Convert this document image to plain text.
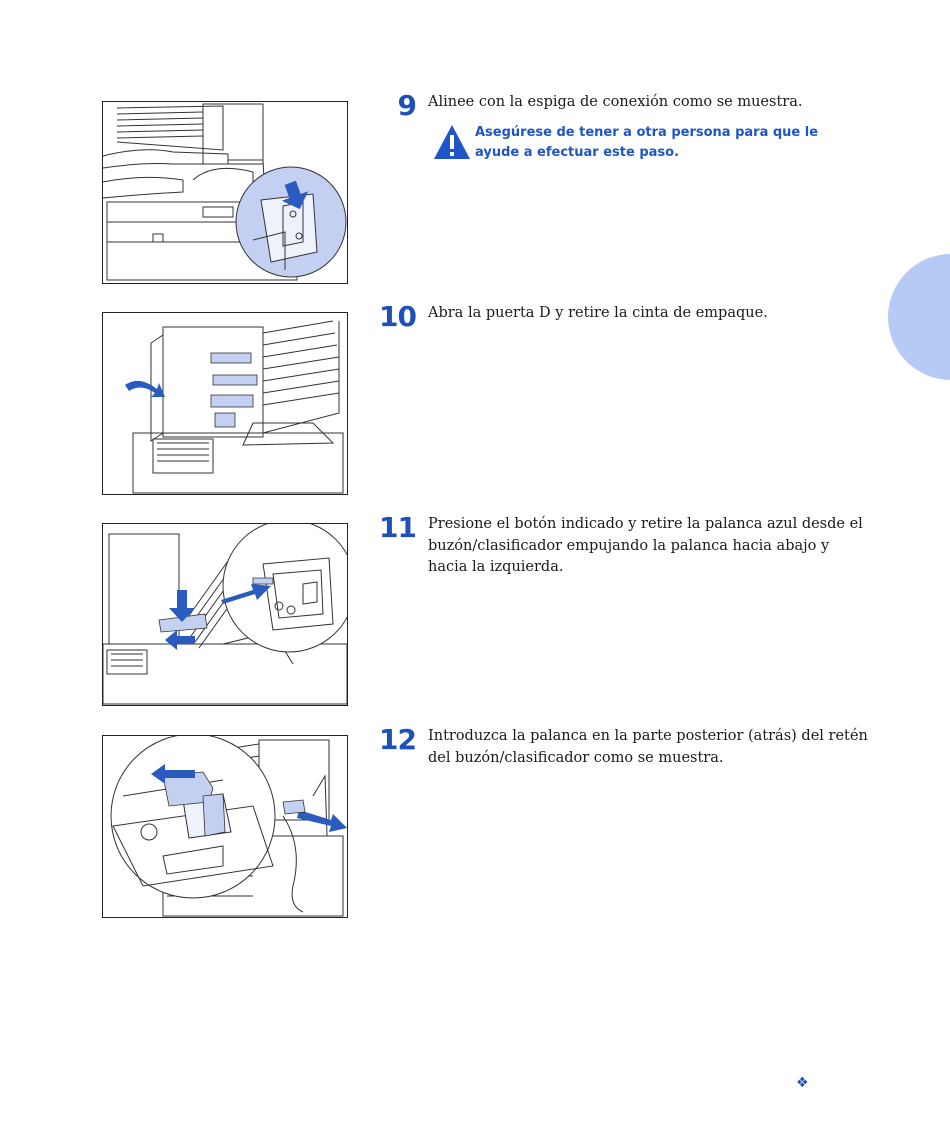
9 Alinee con la espiga de conexión como se muestra.
Asegúrese de tener a otra persona para que le ayude a efectuar este paso.
10 Abra la puerta D y retire la cinta de empaque.
11 Presione el botón indicado y retire la palanca azul desde el buzón/clasificador empujando la palanca hacia abajo y hacia la izquierda.
12 Introduzca la palanca en la parte posterior (atrás) del retén del buzón/clasificador como se muestra.
❖
